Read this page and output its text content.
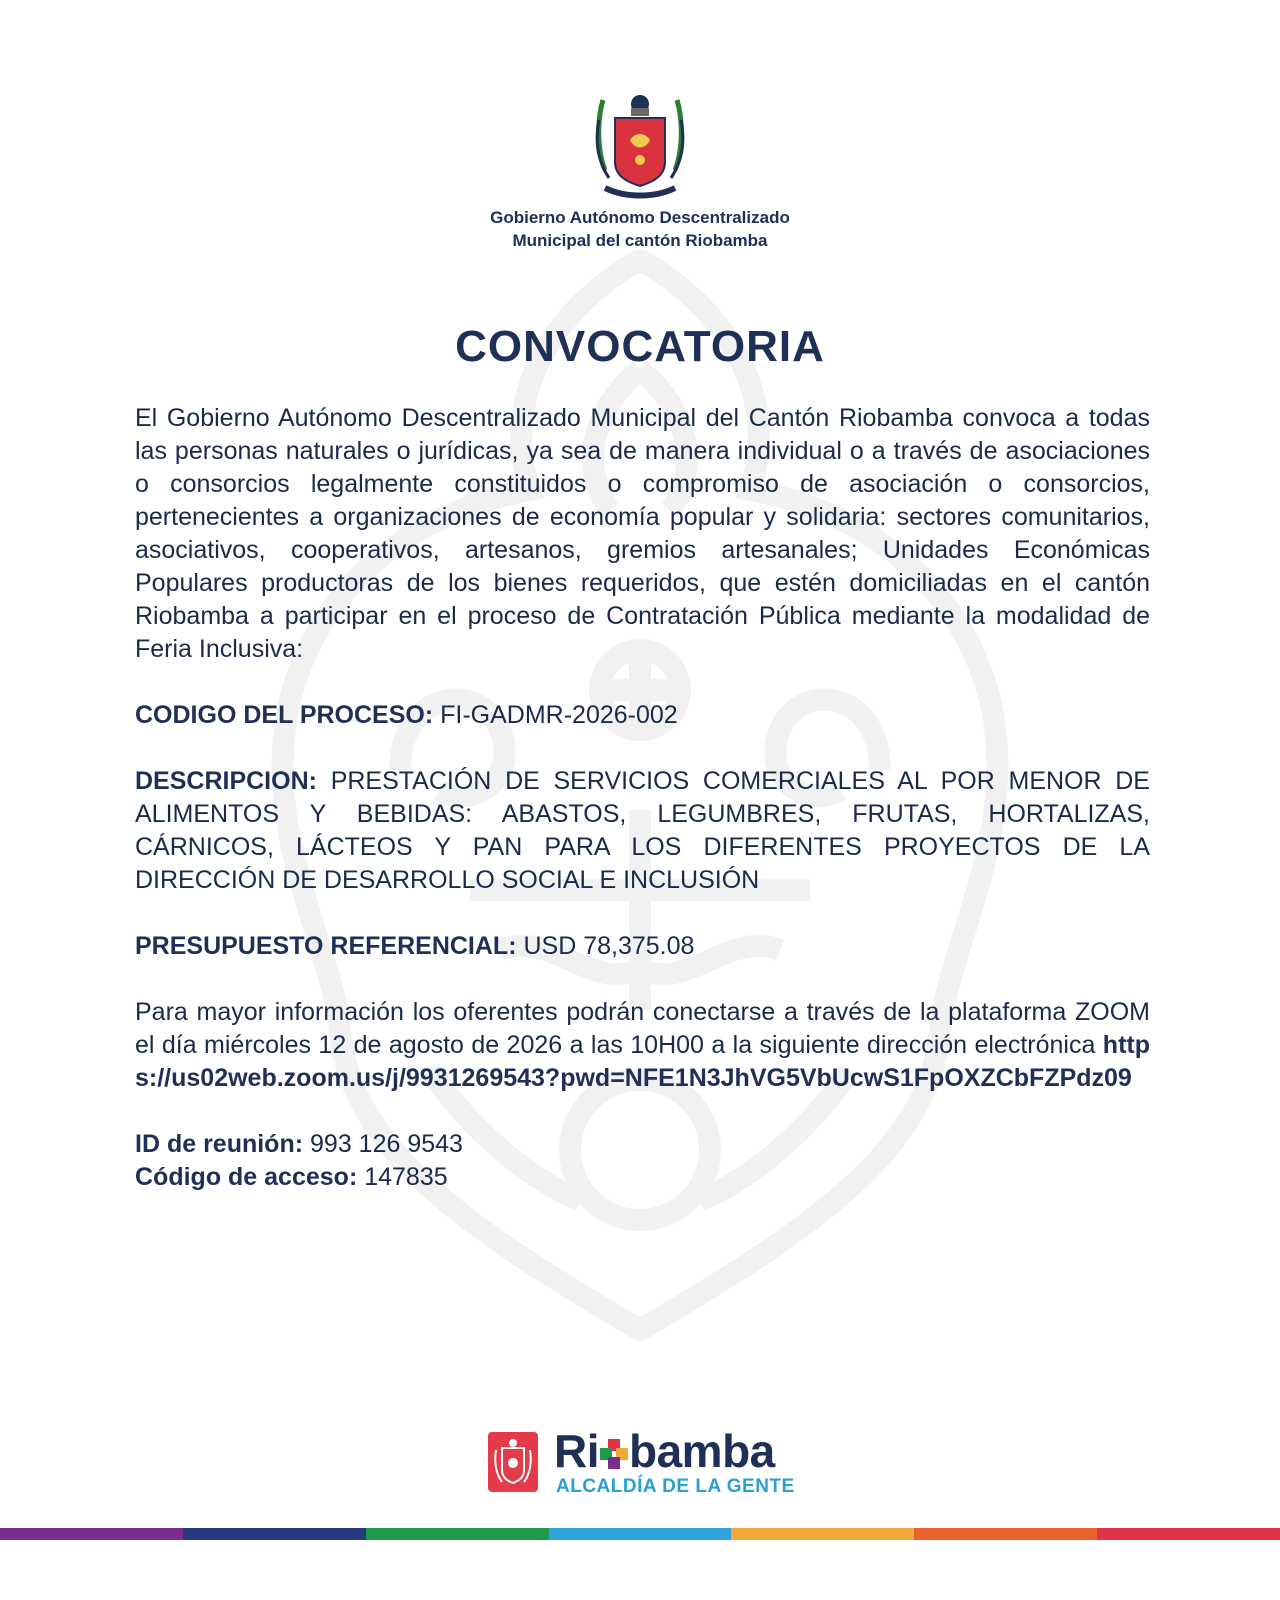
Gobierno Autónomo Descentralizado
Municipal del cantón Riobamba
CONVOCATORIA

El Gobierno Autónomo Descentralizado Municipal del Cantón Riobamba convoca a todas las personas naturales o jurídicas, ya sea de manera individual o a través de asociaciones o consorcios legalmente constituidos o compromiso de asociación o consorcios, pertenecientes a organizaciones de economía popular y solidaria: sectores comunitarios, asociativos, cooperativos, artesanos, gremios artesanales; Unidades Económicas Populares productoras de los bienes requeridos, que estén domiciliadas en el cantón Riobamba a participar en el proceso de Contratación Pública mediante la modalidad de Feria Inclusiva:

CODIGO DEL PROCESO: FI-GADMR-2026-002

DESCRIPCION: PRESTACIÓN DE SERVICIOS COMERCIALES AL POR MENOR DE ALIMENTOS Y BEBIDAS: ABASTOS, LEGUMBRES, FRUTAS, HORTALIZAS, CÁRNICOS, LÁCTEOS Y PAN PARA LOS DIFERENTES PROYECTOS DE LA DIRECCIÓN DE DESARROLLO SOCIAL E INCLUSIÓN

PRESUPUESTO REFERENCIAL: USD 78,375.08

Para mayor información los oferentes podrán conectarse a través de la plataforma ZOOM el día miércoles 12 de agosto de 2026 a las 10H00 a la siguiente dirección electrónica https://us02web.zoom.us/j/9931269543?pwd=NFE1N3JhVG5VbUcwS1FpOXZCbFZPdz09

ID de reunión: 993 126 9543

Código de acceso: 147835

Ri bamba
ALCALDÍA DE LA GENTE
